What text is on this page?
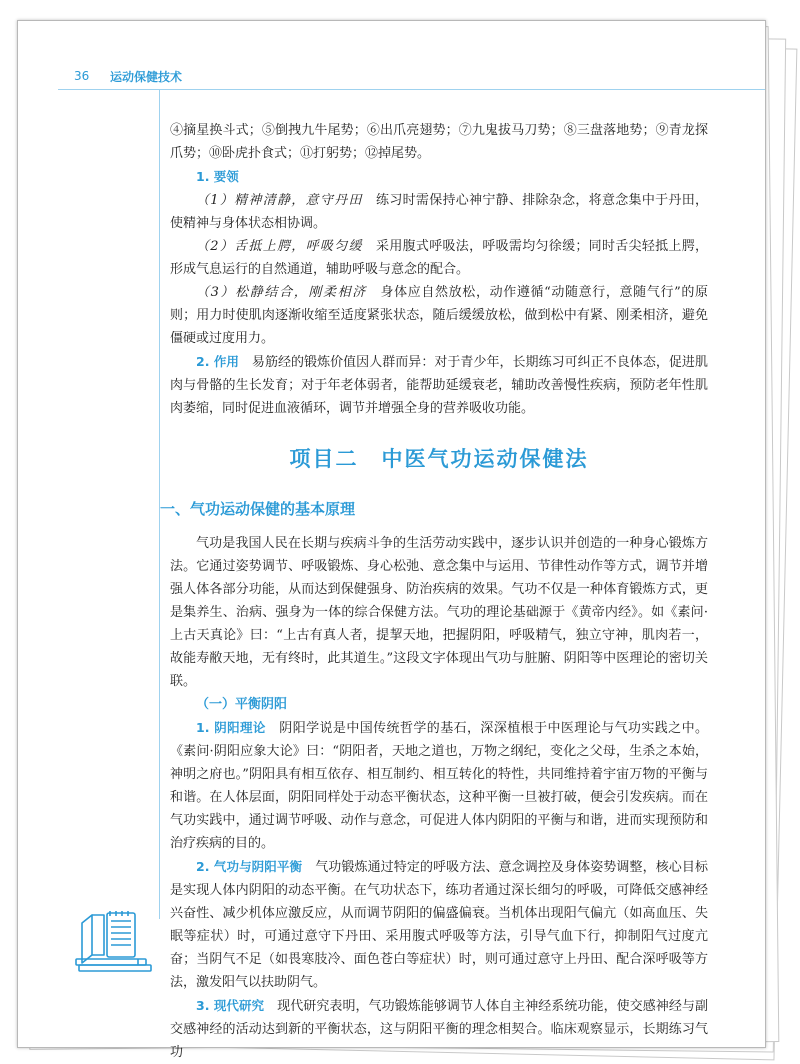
36 运动保健技术

④摘星换斗式；⑤倒拽九牛尾势；⑥出爪亮翅势；⑦九鬼拔马刀势；⑧三盘落地势；⑨青龙探爪势；⑩卧虎扑食式；⑪打躬势；⑫掉尾势。

1. 要领

（1）精神清静，意守丹田　 练习时需保持心神宁静、排除杂念，将意念集中于丹田，使精神与身体状态相协调。

（2）舌抵上腭，呼吸匀缓　 采用腹式呼吸法，呼吸需均匀徐缓；同时舌尖轻抵上腭，形成气息运行的自然通道，辅助呼吸与意念的配合。

（3）松静结合，刚柔相济　 身体应自然放松，动作遵循“动随意行，意随气行”的原则；用力时使肌肉逐渐收缩至适度紧张状态，随后缓缓放松，做到松中有紧、刚柔相济，避免僵硬或过度用力。

2. 作用　 易筋经的锻炼价值因人群而异：对于青少年，长期练习可纠正不良体态，促进肌肉与骨骼的生长发育；对于年老体弱者，能帮助延缓衰老，辅助改善慢性疾病，预防老年性肌肉萎缩，同时促进血液循环，调节并增强全身的营养吸收功能。

项目二　中医气功运动保健法
一、气功运动保健的基本原理

气功是我国人民在长期与疾病斗争的生活劳动实践中，逐步认识并创造的一种身心锻炼方法。它通过姿势调节、呼吸锻炼、身心松弛、意念集中与运用、节律性动作等方式，调节并增强人体各部分功能，从而达到保健强身、防治疾病的效果。气功不仅是一种体育锻炼方式，更是集养生、治病、强身为一体的综合保健方法。气功的理论基础源于《黄帝内经》。如《素问·上古天真论》曰：“上古有真人者，提挈天地，把握阴阳，呼吸精气，独立守神，肌肉若一，故能寿敝天地，无有终时，此其道生。”这段文字体现出气功与脏腑、阴阳等中医理论的密切关联。

（一）平衡阴阳

1. 阴阳理论　 阴阳学说是中国传统哲学的基石，深深植根于中医理论与气功实践之中。《素问·阴阳应象大论》曰：“阴阳者，天地之道也，万物之纲纪，变化之父母，生杀之本始，神明之府也。”阴阳具有相互依存、相互制约、相互转化的特性，共同维持着宇宙万物的平衡与和谐。在人体层面，阴阳同样处于动态平衡状态，这种平衡一旦被打破，便会引发疾病。而在气功实践中，通过调节呼吸、动作与意念，可促进人体内阴阳的平衡与和谐，进而实现预防和治疗疾病的目的。

2. 气功与阴阳平衡　 气功锻炼通过特定的呼吸方法、意念调控及身体姿势调整，核心目标是实现人体内阴阳的动态平衡。在气功状态下，练功者通过深长细匀的呼吸，可降低交感神经兴奋性、减少机体应激反应，从而调节阴阳的偏盛偏衰。当机体出现阳气偏亢（如高血压、失眠等症状）时，可通过意守下丹田、采用腹式呼吸等方法，引导气血下行，抑制阳气过度亢奋；当阴气不足（如畏寒肢冷、面色苍白等症状）时，则可通过意守上丹田、配合深呼吸等方法，激发阳气以扶助阴气。

3. 现代研究　 现代研究表明，气功锻炼能够调节人体自主神经系统功能，使交感神经与副交感神经的活动达到新的平衡状态，这与阴阳平衡的理念相契合。临床观察显示，长期练习气功
